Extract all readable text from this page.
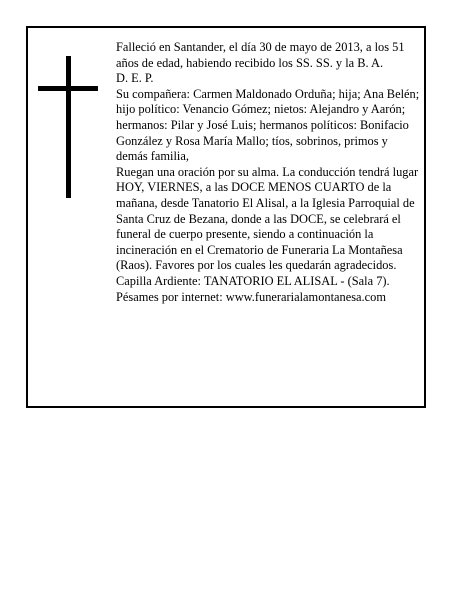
Falleció en Santander, el día 30 de mayo de 2013, a los 51 años de edad, habiendo recibido los SS. SS. y la B. A.

D. E. P.

Su compañera: Carmen Maldonado Orduña; hija; Ana Belén; hijo político: Venancio Gómez; nietos: Alejandro y Aarón; hermanos: Pilar y José Luis; hermanos políticos: Bonifacio González y Rosa María Mallo; tíos, sobrinos, primos y demás familia,

Ruegan una oración por su alma. La conducción tendrá lugar HOY, VIERNES, a las DOCE MENOS CUARTO de la mañana, desde Tanatorio El Alisal, a la Iglesia Parroquial de Santa Cruz de Bezana, donde a las DOCE, se celebrará el funeral de cuerpo presente, siendo a continuación la incineración en el Crematorio de Funeraria La Montañesa (Raos). Favores por los cuales les quedarán agradecidos. Capilla Ardiente: TANATORIO EL ALISAL - (Sala 7).

Pésames por internet: www.funerarialamontanesa.com
